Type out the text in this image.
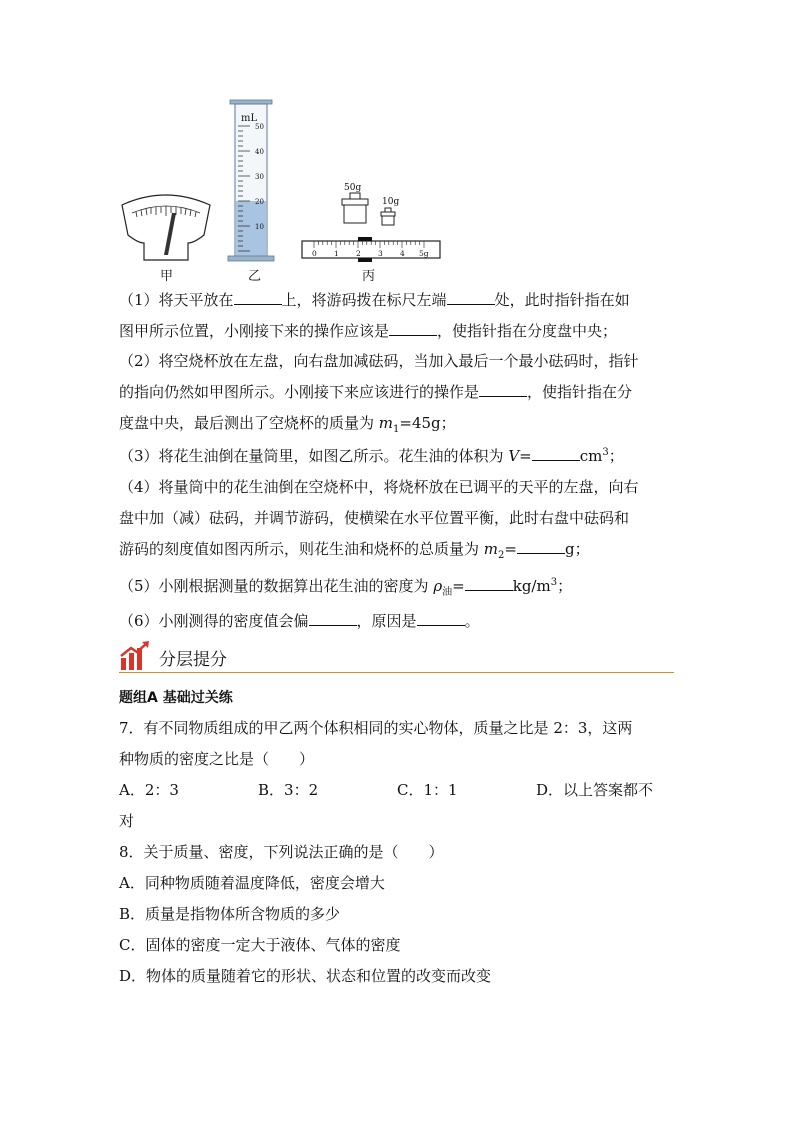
甲
mL
50
40
30
20
10
乙
50g
10g
0 1 2 3 4 5g
丙
（1）将天平放在	上，将游码拨在标尺左端	处，此时指针指在如
图甲所示位置，小刚接下来的操作应该是	，使指针指在分度盘中央；
（2）将空烧杯放在左盘，向右盘加减砝码，当加入最后一个最小砝码时，指针
的指向仍然如甲图所示。小刚接下来应该进行的操作是	，使指针指在分
度盘中央，最后测出了空烧杯的质量为 $m_1=45g$；
（3）将花生油倒在量筒里，如图乙所示。花生油的体积为 V=	$cm^3$；
（4）将量筒中的花生油倒在空烧杯中，将烧杯放在已调平的天平的左盘，向右
盘中加（减）砝码，并调节游码，使横梁在水平位置平衡，此时右盘中砝码和
游码的刻度值如图丙所示，则花生油和烧杯的总质量为 $m_2=$	g；
（5）小刚根据测量的数据算出花生油的密度为 $\rho_油=$	$kg/m^3$；
（6）小刚测得的密度值会偏	，原因是	。
分层提分
题组A 基础过关练
7．有不同物质组成的甲乙两个体积相同的实心物体，质量之比是 2：3，这两
种物质的密度之比是（　　）
A．2：3	B．3：2	C．1：1	D．以上答案都不
对
8．关于质量、密度，下列说法正确的是（　　）
A．同种物质随着温度降低，密度会增大
B．质量是指物体所含物质的多少
C．固体的密度一定大于液体、气体的密度
D．物体的质量随着它的形状、状态和位置的改变而改变
